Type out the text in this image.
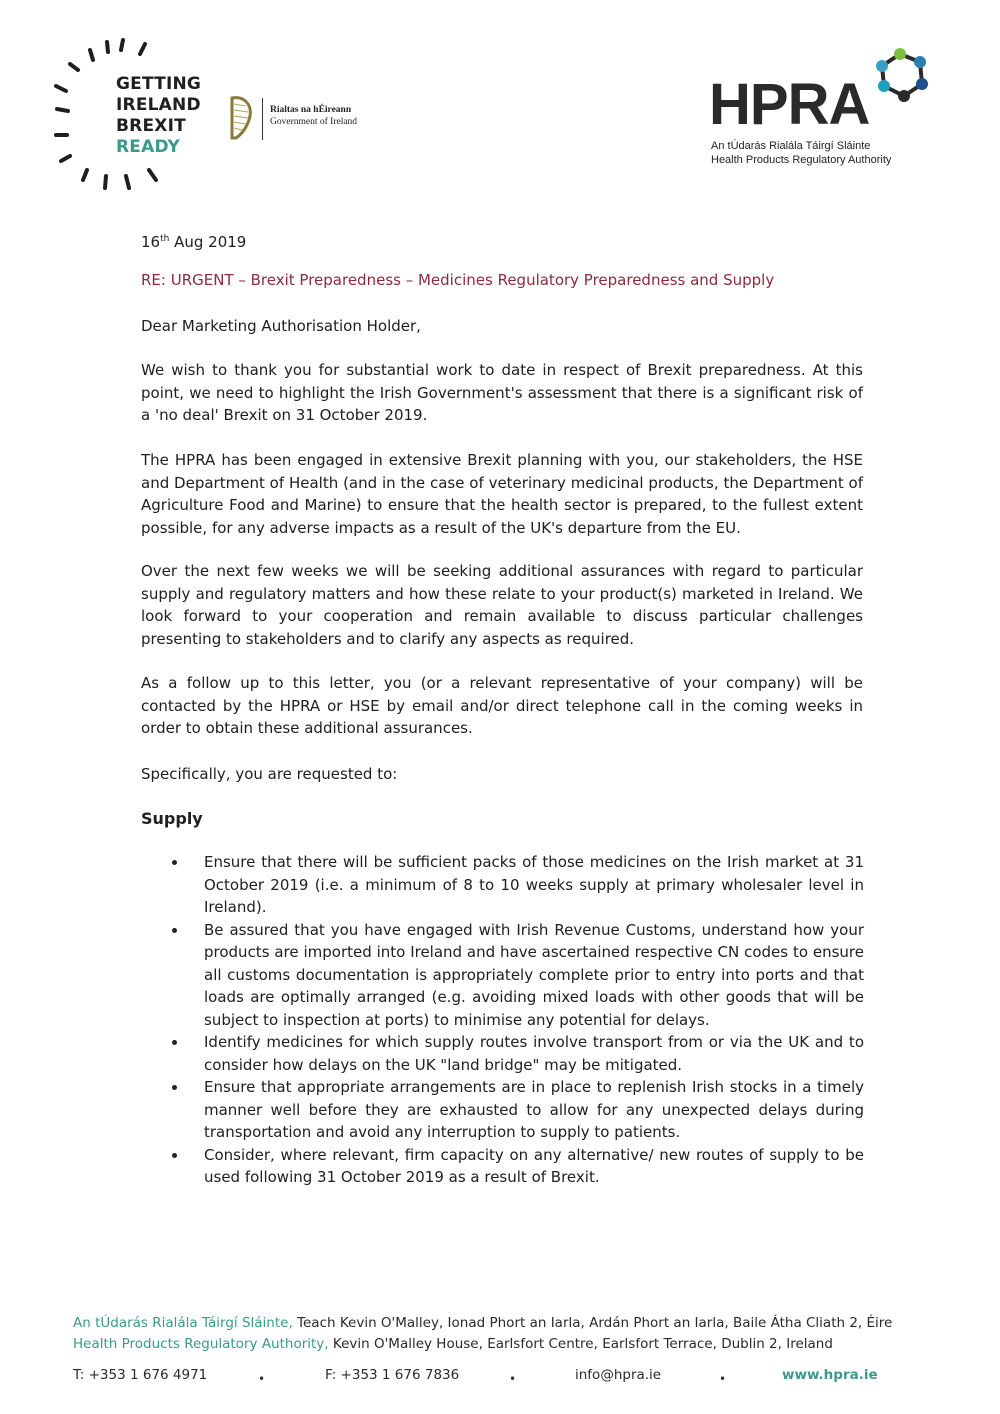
GETTING
IRELAND
BREXIT
READY
Rialtas na hÉireann
Government of Ireland	HPRA
An tÚdarás Rialála Táirgí Sláinte
Health Products Regulatory Authority
16th Aug 2019
RE: URGENT – Brexit Preparedness – Medicines Regulatory Preparedness and Supply
Dear Marketing Authorisation Holder,
We wish to thank you for substantial work to date in respect of Brexit preparedness. At this point, we need to highlight the Irish Government's assessment that there is a significant risk of a 'no deal' Brexit on 31 October 2019.
The HPRA has been engaged in extensive Brexit planning with you, our stakeholders, the HSE and Department of Health (and in the case of veterinary medicinal products, the Department of Agriculture Food and Marine) to ensure that the health sector is prepared, to the fullest extent possible, for any adverse impacts as a result of the UK's departure from the EU.
Over the next few weeks we will be seeking additional assurances with regard to particular supply and regulatory matters and how these relate to your product(s) marketed in Ireland. We look forward to your cooperation and remain available to discuss particular challenges presenting to stakeholders and to clarify any aspects as required.
As a follow up to this letter, you (or a relevant representative of your company) will be contacted by the HPRA or HSE by email and/or direct telephone call in the coming weeks in order to obtain these additional assurances.
Specifically, you are requested to:
Supply
Ensure that there will be sufficient packs of those medicines on the Irish market at 31 October 2019 (i.e. a minimum of 8 to 10 weeks supply at primary wholesaler level in Ireland).
Be assured that you have engaged with Irish Revenue Customs, understand how your products are imported into Ireland and have ascertained respective CN codes to ensure all customs documentation is appropriately complete prior to entry into ports and that loads are optimally arranged (e.g. avoiding mixed loads with other goods that will be subject to inspection at ports) to minimise any potential for delays.
Identify medicines for which supply routes involve transport from or via the UK and to consider how delays on the UK "land bridge" may be mitigated.
Ensure that appropriate arrangements are in place to replenish Irish stocks in a timely manner well before they are exhausted to allow for any unexpected delays during transportation and avoid any interruption to supply to patients.
Consider, where relevant, firm capacity on any alternative/ new routes of supply to be used following 31 October 2019 as a result of Brexit.
An tÚdarás Rialála Táirgí Sláinte, Teach Kevin O'Malley, Ionad Phort an Iarla, Ardán Phort an Iarla, Baile Átha Cliath 2, Éire
Health Products Regulatory Authority, Kevin O'Malley House, Earlsfort Centre, Earlsfort Terrace, Dublin 2, Ireland
T: +353 1 676 4971	•	F: +353 1 676 7836	•	info@hpra.ie	•	www.hpra.ie
